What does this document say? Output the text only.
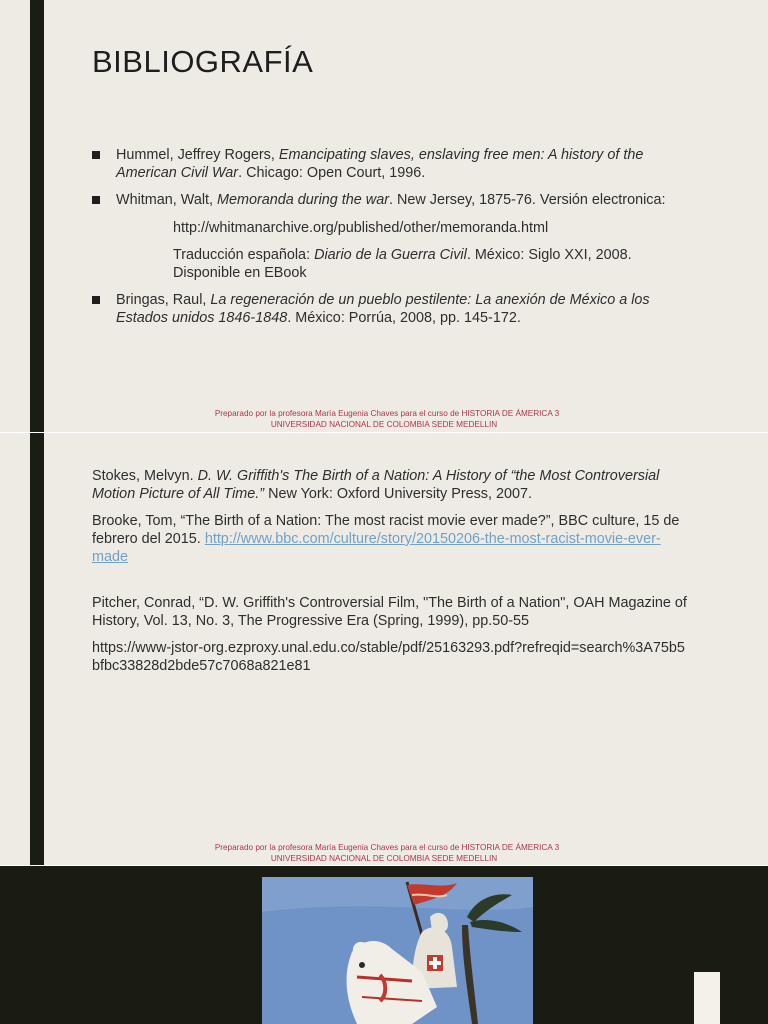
BIBLIOGRAFÍA
Hummel, Jeffrey Rogers, Emancipating slaves, enslaving free men: A history of the American Civil War. Chicago: Open Court, 1996.
Whitman, Walt, Memoranda during the war. New Jersey, 1875-76. Versión electronica:

http://whitmanarchive.org/published/other/memoranda.html

Traducción española: Diario de la Guerra Civil. México: Siglo XXI, 2008. Disponible en EBook

Bringas, Raul, La regeneración de un pueblo pestilente: La anexión de México a los Estados unidos 1846-1848. México: Porrúa, 2008, pp. 145-172.
Preparado por la profesora María Eugenia Chaves para el curso de HISTORIA DE ÁMERICA 3
UNIVERSIDAD NACIONAL DE COLOMBIA SEDE MEDELLIN

Stokes, Melvyn. D. W. Griffith's The Birth of a Nation: A History of “the Most Controversial Motion Picture of All Time.” New York: Oxford University Press, 2007.

Brooke, Tom, “The Birth of a Nation: The most racist movie ever made?”, BBC culture, 15 de febrero del 2015. http://www.bbc.com/culture/story/20150206-the-most-racist-movie-ever-made

Pitcher, Conrad, “D. W. Griffith's Controversial Film, "The Birth of a Nation", OAH Magazine of History, Vol. 13, No. 3, The Progressive Era (Spring, 1999), pp.50-55

https://www-jstor-org.ezproxy.unal.edu.co/stable/pdf/25163293.pdf?refreqid=search%3A75b5bfbc33828d2bde57c7068a821e81

Preparado por la profesora María Eugenia Chaves para el curso de HISTORIA DE ÁMERICA 3
UNIVERSIDAD NACIONAL DE COLOMBIA SEDE MEDELLIN
